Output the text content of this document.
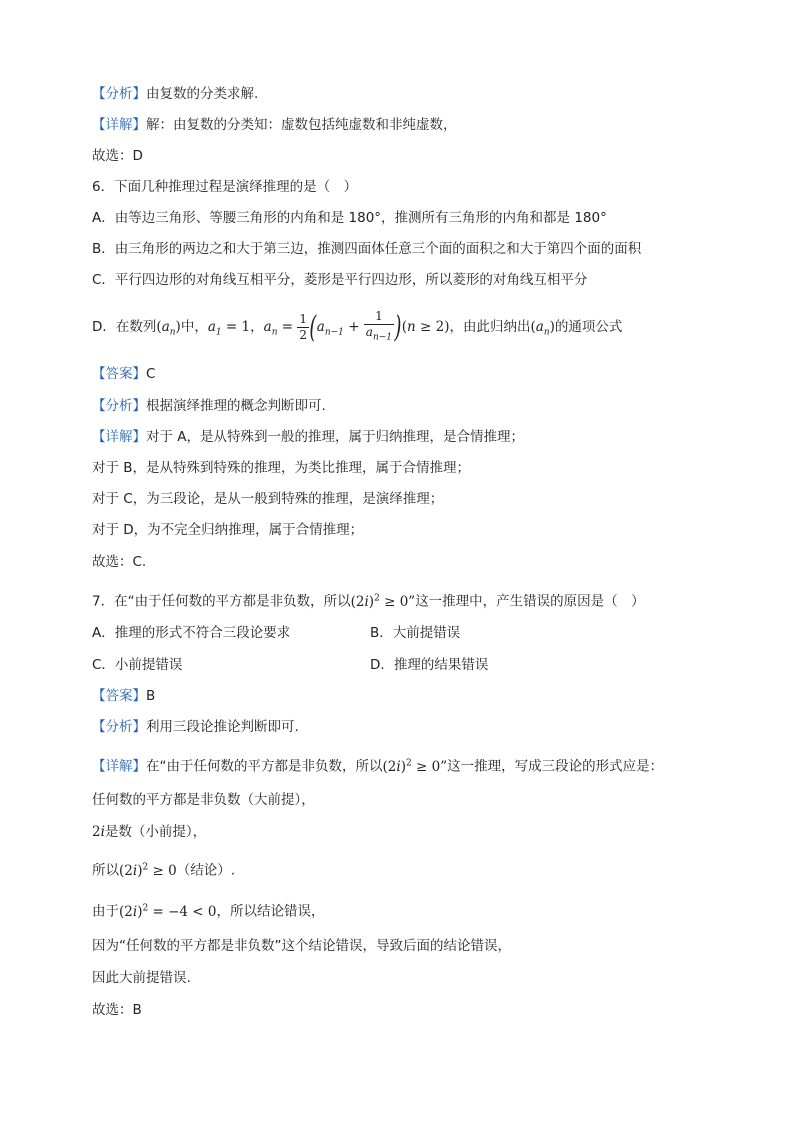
【分析】由复数的分类求解.
【详解】解：由复数的分类知：虚数包括纯虚数和非纯虚数，
故选：D
6．下面几种推理过程是演绎推理的是（　）
A．由等边三角形、等腰三角形的内角和是 180°，推测所有三角形的内角和都是 180°
B．由三角形的两边之和大于第三边，推测四面体任意三个面的面积之和大于第四个面的面积
C．平行四边形的对角线互相平分，菱形是平行四边形，所以菱形的对角线互相平分
D．在数列$(a_n)$中，$a_1 = 1$，$a_n = \frac{1}{2} (a_{n-1} + \frac{1}{a_{n-1}} )(n \ge 2)$，由此归纳出$(a_n)$的通项公式
【答案】C
【分析】根据演绎推理的概念判断即可.
【详解】对于 A，是从特殊到一般的推理，属于归纳推理，是合情推理；
对于 B，是从特殊到特殊的推理，为类比推理，属于合情推理；
对于 C，为三段论，是从一般到特殊的推理，是演绎推理；
对于 D，为不完全归纳推理，属于合情推理；
故选：C.
7．在“由于任何数的平方都是非负数，所以$(2i)^2 \ge 0$”这一推理中，产生错误的原因是（　）
A．推理的形式不符合三段论要求	B．大前提错误
C．小前提错误	D．推理的结果错误
【答案】B
【分析】利用三段论推论判断即可.
【详解】在“由于任何数的平方都是非负数，所以$(2i)^2 \ge 0$”这一推理，写成三段论的形式应是：
任何数的平方都是非负数（大前提），
2i是数（小前提），
所以$(2i)^2 \ge 0$（结论）.
由于$(2i)^2 = -4 < 0$，所以结论错误，
因为“任何数的平方都是非负数”这个结论错误，导致后面的结论错误，
因此大前提错误.
故选：B
